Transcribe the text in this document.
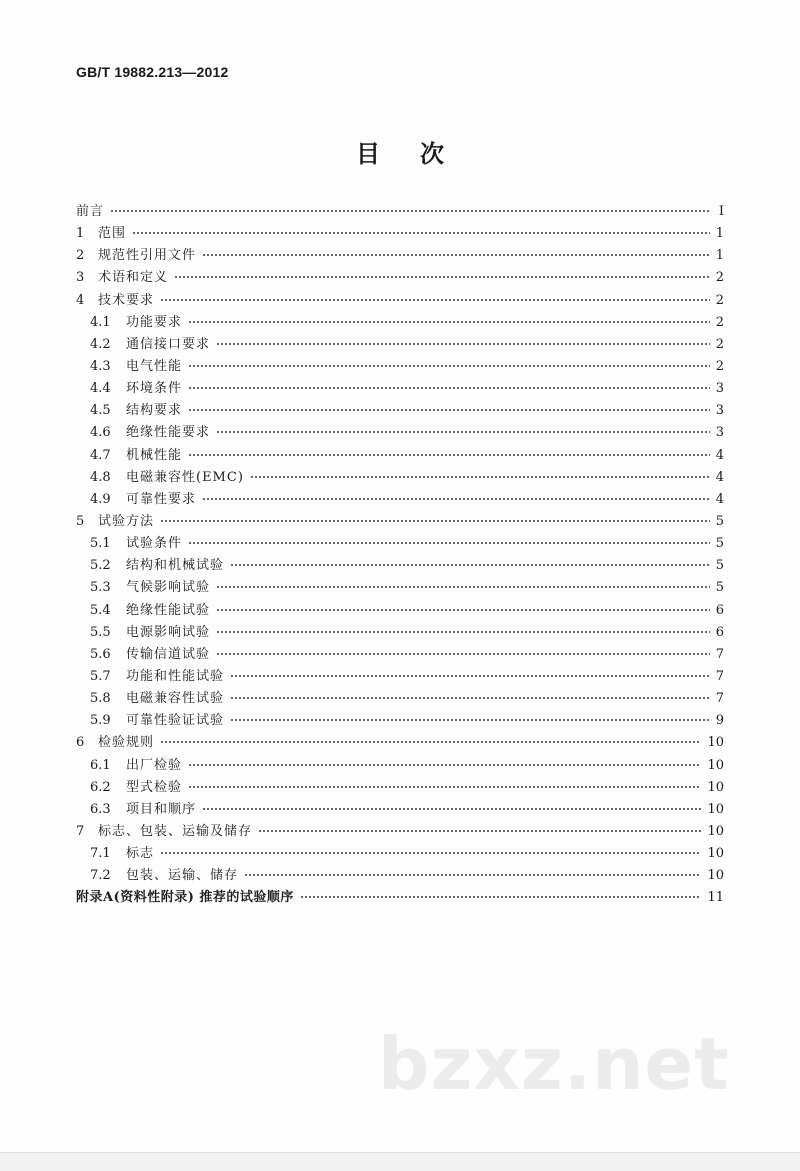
GB/T 19882.213—2012
目次
前言	Ⅰ
1	范围	1
2	规范性引用文件	1
3	术语和定义	2
4	技术要求	2
4.1	功能要求	2
4.2	通信接口要求	2
4.3	电气性能	2
4.4	环境条件	3
4.5	结构要求	3
4.6	绝缘性能要求	3
4.7	机械性能	4
4.8	电磁兼容性(EMC)	4
4.9	可靠性要求	4
5	试验方法	5
5.1	试验条件	5
5.2	结构和机械试验	5
5.3	气候影响试验	5
5.4	绝缘性能试验	6
5.5	电源影响试验	6
5.6	传输信道试验	7
5.7	功能和性能试验	7
5.8	电磁兼容性试验	7
5.9	可靠性验证试验	9
6	检验规则	10
6.1	出厂检验	10
6.2	型式检验	10
6.3	项目和顺序	10
7	标志、包装、运输及储存	10
7.1	标志	10
7.2	包装、运输、储存	10
附录A(资料性附录) 推荐的试验顺序	11
bzxz.net
